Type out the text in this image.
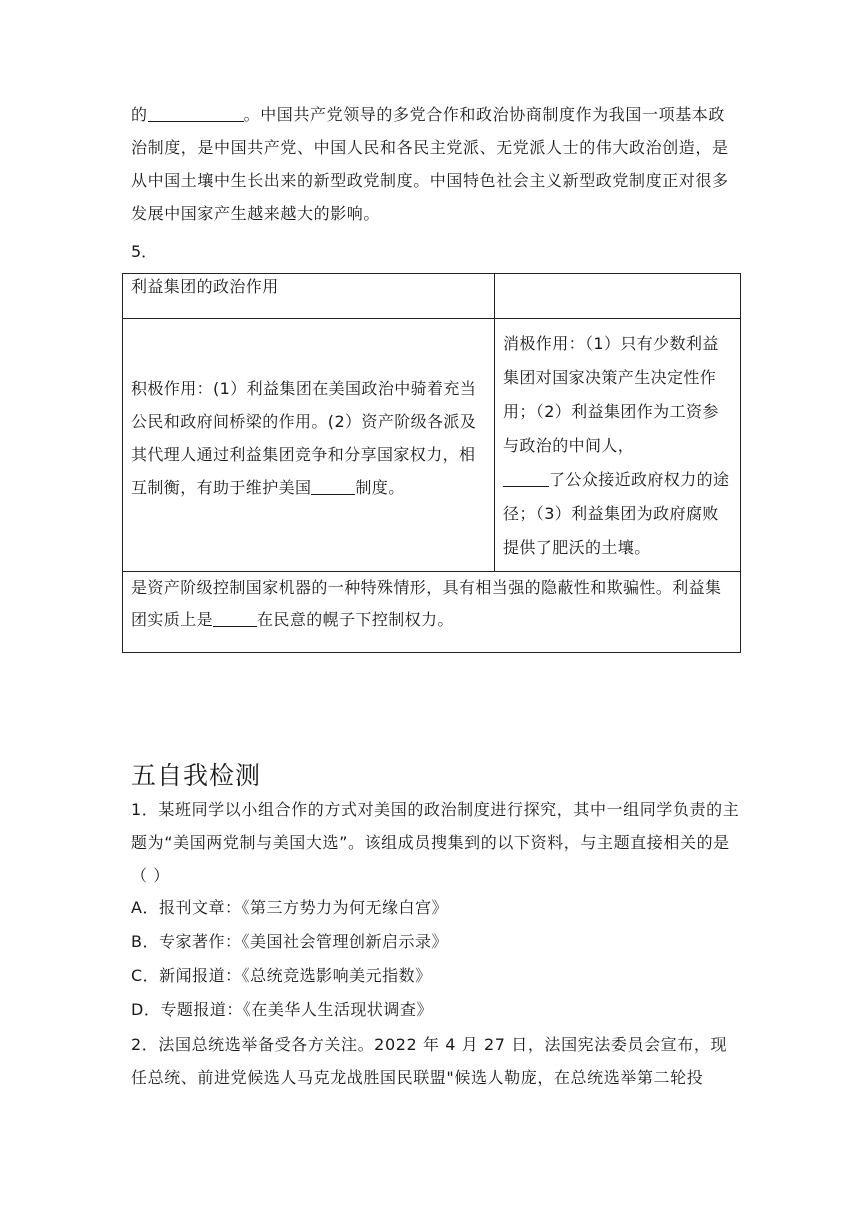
的	。中国共产党领导的多党合作和政治协商制度作为我国一项基本政治制度，是中国共产党、中国人民和各民主党派、无党派人士的伟大政治创造，是从中国土壤中生长出来的新型政党制度。中国特色社会主义新型政党制度正对很多发展中国家产生越来越大的影响。

5．
利益集团的政治作用	

积极作用：(1）利益集团在美国政治中骑着充当公民和政府间桥梁的作用。(2）资产阶级各派及其代理人通过利益集团竞争和分享国家权力，相互制衡，有助于维护美国 制度。	消极作用：（1）只有少数利益集团对国家决策产生决定性作用；（2）利益集团作为工资参与政治的中间人，
了公众接近政府权力的途径；（3）利益集团为政府腐败提供了肥沃的土壤。
是资产阶级控制国家机器的一种特殊情形，具有相当强的隐蔽性和欺骗性。利益集团实质上是 在民意的幌子下控制权力。	
五自我检测

1．某班同学以小组合作的方式对美国的政治制度进行探究，其中一组同学负责的主题为“美国两党制与美国大选”。该组成员搜集到的以下资料，与主题直接相关的是（ ）

A．报刊文章：《第三方势力为何无缘白宫》

B．专家著作：《美国社会管理创新启示录》

C．新闻报道：《总统竞选影响美元指数》

D．专题报道：《在美华人生活现状调查》

2．法国总统选举备受各方关注。2022 年 4 月 27 日，法国宪法委员会宣布，现任总统、前进党候选人马克龙战胜国民联盟"候选人勒庞，在总统选举第二轮投
